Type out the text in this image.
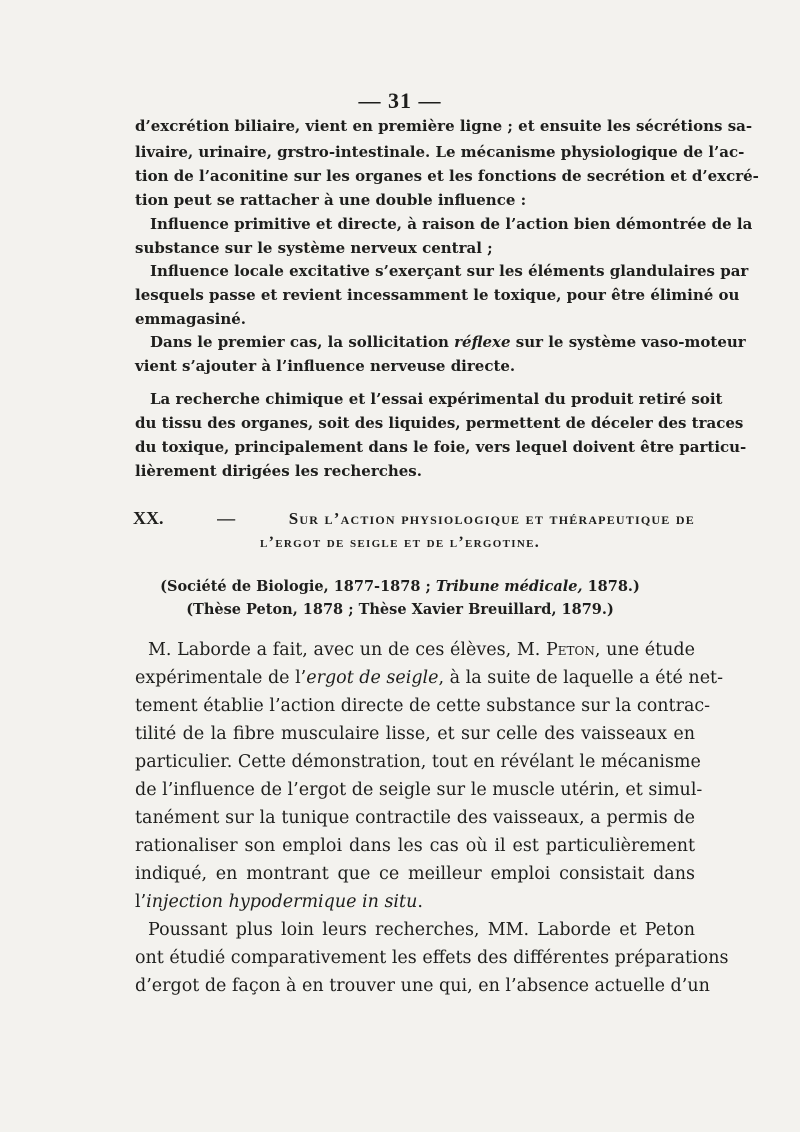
— 31 —
d’excrétion biliaire, vient en première ligne ; et ensuite les sécrétions sa-
livaire, urinaire, grstro-intestinale. Le mécanisme physiologique de l’ac-
tion de l’aconitine sur les organes et les fonctions de secrétion et d’excré-
tion peut se rattacher à une double influence :
Influence primitive et directe, à raison de l’action bien démontrée de la
substance sur le système nerveux central ;
Influence locale excitative s’exerçant sur les éléments glandulaires par
lesquels passe et revient incessamment le toxique, pour être éliminé ou
emmagasiné.
Dans le premier cas, la sollicitation réflexe sur le système vaso-moteur
vient s’ajouter à l’influence nerveuse directe.
La recherche chimique et l’essai expérimental du produit retiré soit
du tissu des organes, soit des liquides, permettent de déceler des traces
du toxique, principalement dans le foie, vers lequel doivent être particu-
lièrement dirigées les recherches.
XX.	—	Sur l’action physiologique et thérapeutique de
l’ergot de seigle et de l’ergotine.
(Société de Biologie, 1877-1878 ; Tribune médicale, 1878.)
(Thèse Peton, 1878 ; Thèse Xavier Breuillard, 1879.)
M. Laborde a fait, avec un de ces élèves, M. Peton, une étude
expérimentale de l’ergot de seigle, à la suite de laquelle a été net-
tement établie l’action directe de cette substance sur la contrac-
tilité de la fibre musculaire lisse, et sur celle des vaisseaux en
particulier. Cette démonstration, tout en révélant le mécanisme
de l’influence de l’ergot de seigle sur le muscle utérin, et simul-
tanément sur la tunique contractile des vaisseaux, a permis de
rationaliser son emploi dans les cas où il est particulièrement
indiqué, en montrant que ce meilleur emploi consistait dans
l’injection hypodermique in situ.
Poussant plus loin leurs recherches, MM. Laborde et Peton
ont étudié comparativement les effets des différentes préparations
d’ergot de façon à en trouver une qui, en l’absence actuelle d’un
